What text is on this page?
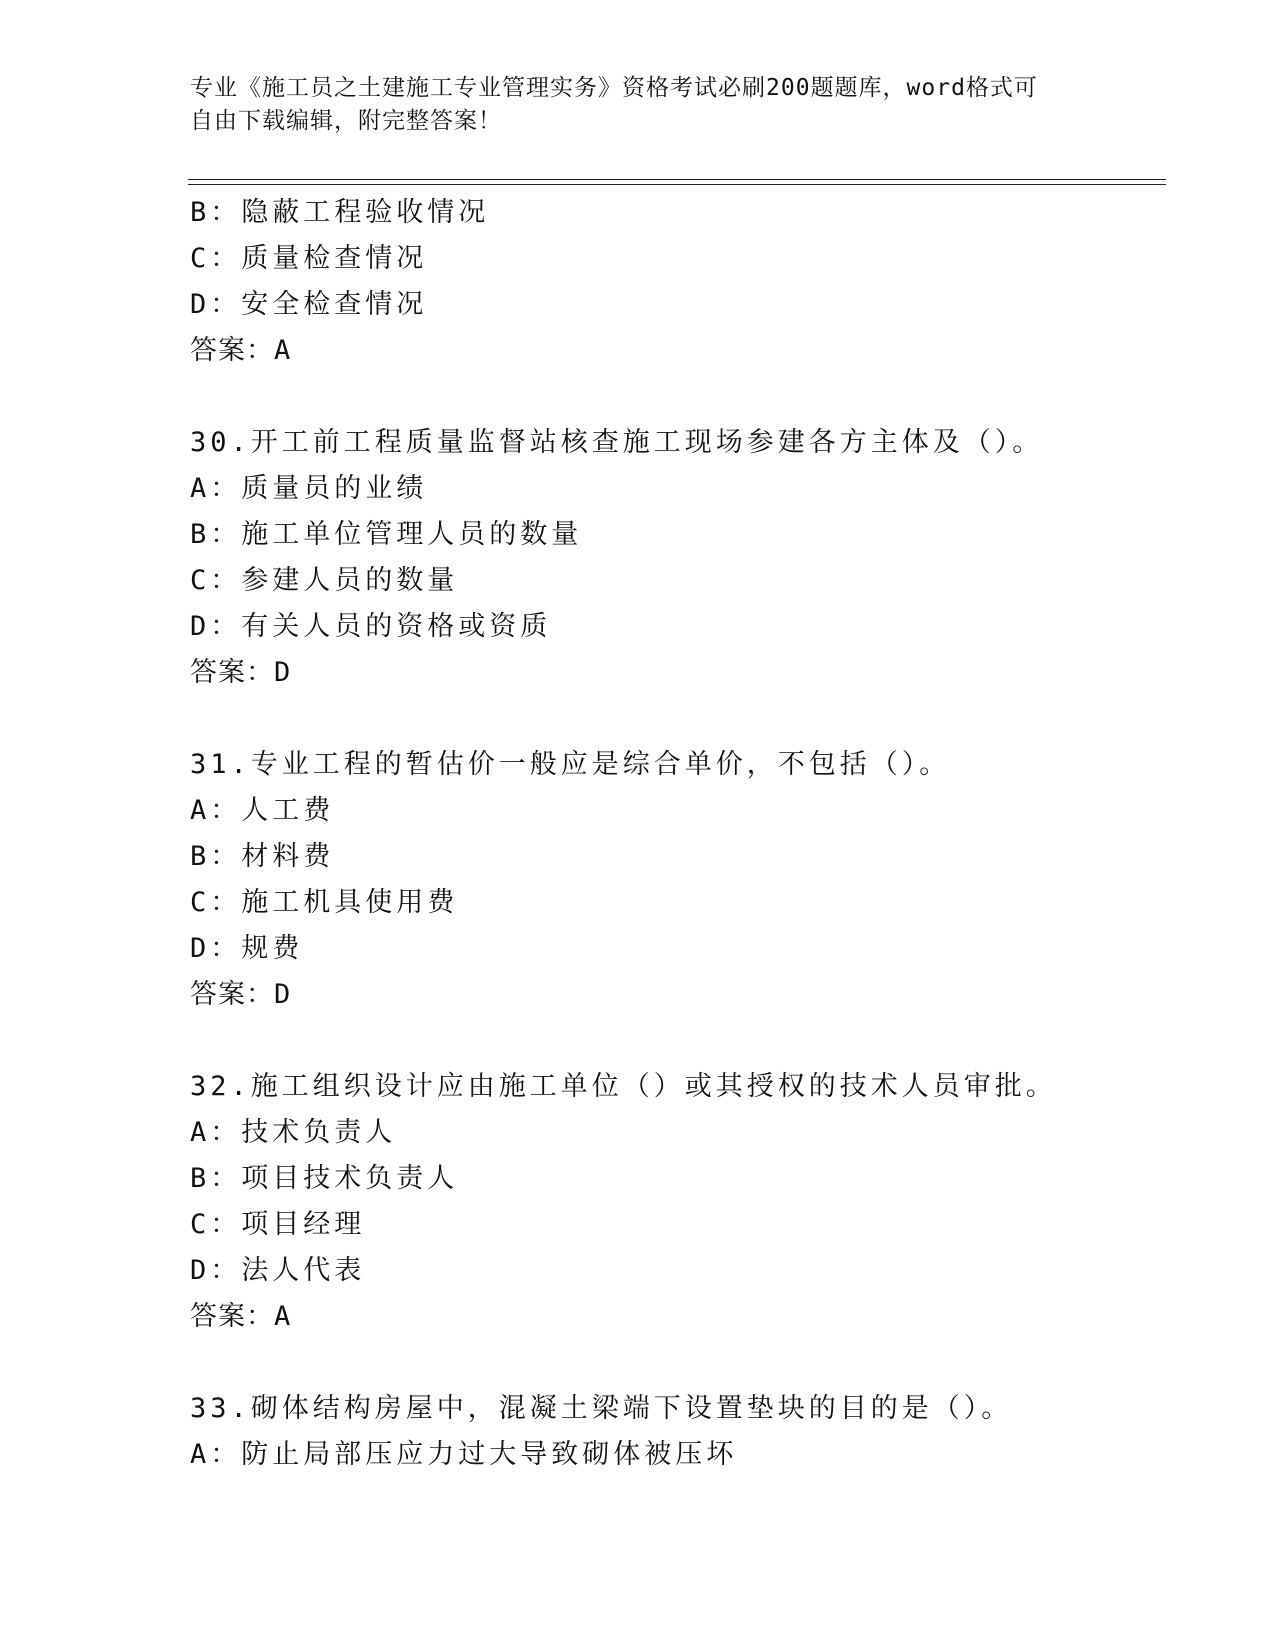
专业《施工员之土建施工专业管理实务》资格考试必刷200题题库，word格式可
自由下载编辑，附完整答案！
B：隐蔽工程验收情况
C：质量检查情况
D：安全检查情况
答案：A
30.开工前工程质量监督站核查施工现场参建各方主体及（）。
A：质量员的业绩
B：施工单位管理人员的数量
C：参建人员的数量
D：有关人员的资格或资质
答案：D
31.专业工程的暂估价一般应是综合单价，不包括（）。
A：人工费
B：材料费
C：施工机具使用费
D：规费
答案：D
32.施工组织设计应由施工单位（）或其授权的技术人员审批。
A：技术负责人
B：项目技术负责人
C：项目经理
D：法人代表
答案：A
33.砌体结构房屋中，混凝土梁端下设置垫块的目的是（）。
A：防止局部压应力过大导致砌体被压坏
